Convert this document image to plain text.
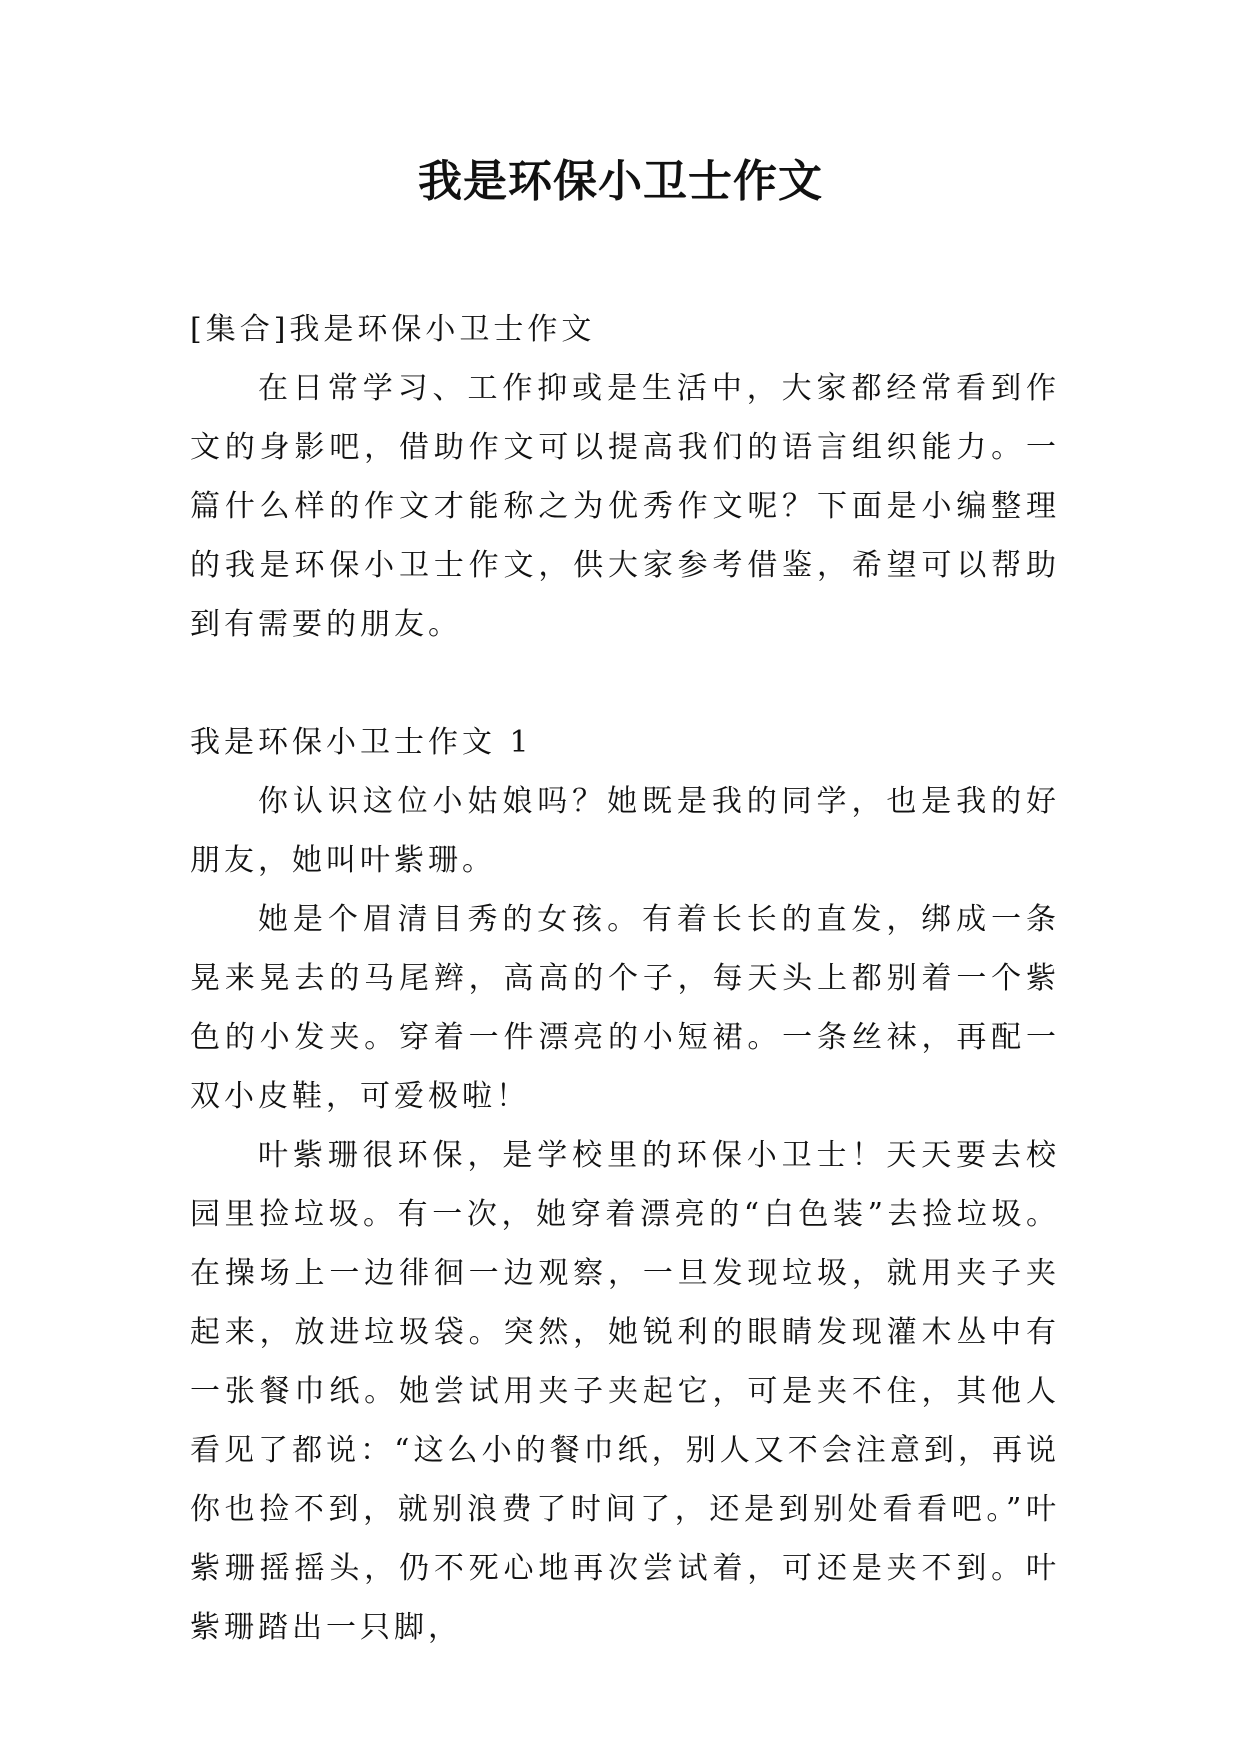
我是环保小卫士作文

[集合]我是环保小卫士作文

在日常学习、工作抑或是生活中，大家都经常看到作文的身影吧，借助作文可以提高我们的语言组织能力。一篇什么样的作文才能称之为优秀作文呢？下面是小编整理的我是环保小卫士作文，供大家参考借鉴，希望可以帮助到有需要的朋友。

我是环保小卫士作文 1

你认识这位小姑娘吗？她既是我的同学，也是我的好朋友，她叫叶紫珊。

她是个眉清目秀的女孩。有着长长的直发，绑成一条晃来晃去的马尾辫，高高的个子，每天头上都别着一个紫色的小发夹。穿着一件漂亮的小短裙。一条丝袜，再配一双小皮鞋，可爱极啦！

叶紫珊很环保，是学校里的环保小卫士！天天要去校园里捡垃圾。有一次，她穿着漂亮的“白色装”去捡垃圾。在操场上一边徘徊一边观察，一旦发现垃圾，就用夹子夹起来，放进垃圾袋。突然，她锐利的眼睛发现灌木丛中有一张餐巾纸。她尝试用夹子夹起它，可是夹不住，其他人看见了都说：“这么小的餐巾纸，别人又不会注意到，再说你也捡不到，就别浪费了时间了，还是到别处看看吧。”叶紫珊摇摇头，仍不死心地再次尝试着，可还是夹不到。叶紫珊踏出一只脚，
